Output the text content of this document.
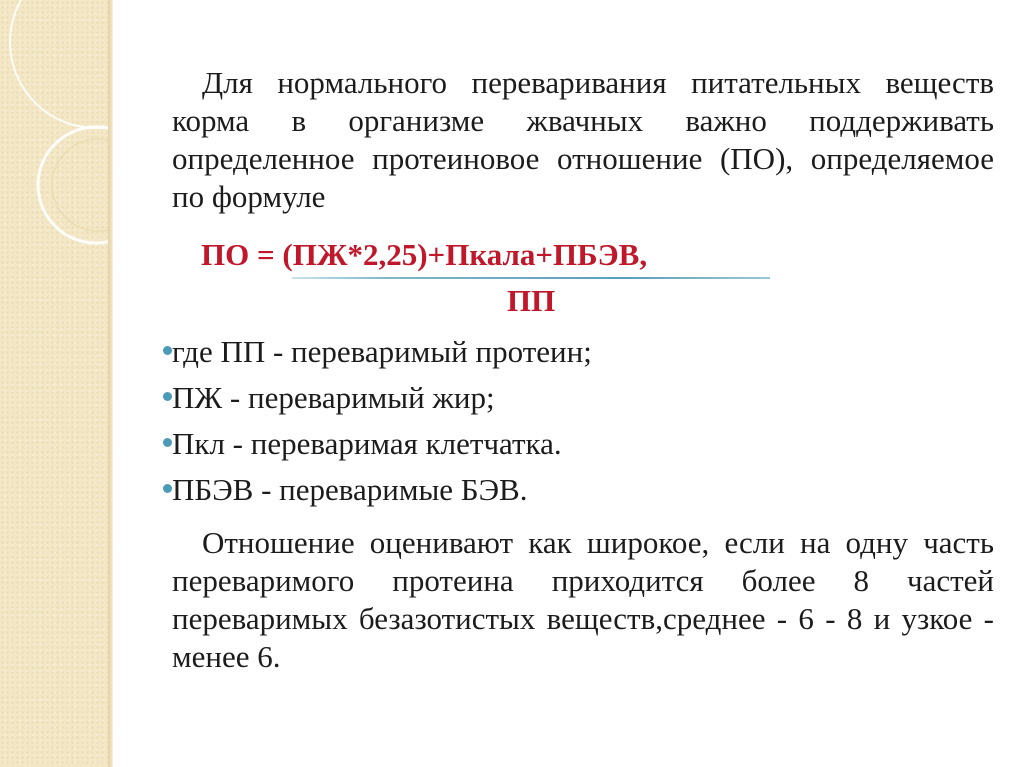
Для нормального переваривания питательных веществ корма в организме жвачных важно поддерживать определенное протеиновое отношение (ПО), определяемое по формуле

ПО = (ПЖ*2,25)+Пкала+ПБЭВ,

ПП

где ПП - переваримый протеин;
ПЖ - переваримый жир;
Пкл - переваримая клетчатка.
ПБЭВ - переваримые БЭВ.

Отношение оценивают как широкое, если на одну часть переваримого протеина приходится более 8 частей переваримых безазотистых веществ,среднее - 6 - 8 и узкое - менее 6.
